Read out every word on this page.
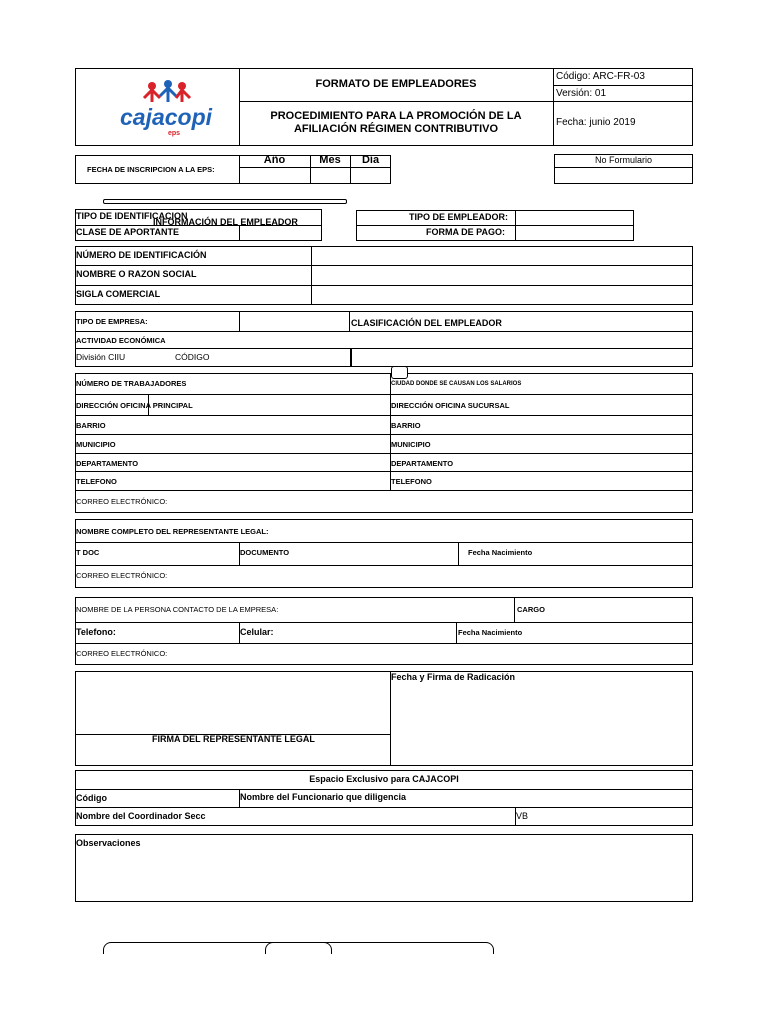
cajacopi
eps
FORMATO DE EMPLEADORES
PROCEDIMIENTO PARA LA PROMOCIÓN DE LA
AFILIACIÓN RÉGIMEN CONTRIBUTIVO
Código: ARC-FR-03
Versión: 01
Fecha: junio 2019
FECHA DE INSCRIPCION A LA EPS:
Año	Mes	Día	No Formulario
TIPO DE IDENTIFICACION
INFORMACIÓN DEL EMPLEADOR
CLASE DE APORTANTE
TIPO DE EMPLEADOR:
FORMA DE PAGO:
NÚMERO DE IDENTIFICACIÓN
NOMBRE O RAZON SOCIAL
SIGLA COMERCIAL
TIPO DE EMPRESA:	CLASIFICACIÓN DEL EMPLEADOR
ACTIVIDAD ECONÓMICA
División CIIU	CÓDIGO
NÚMERO DE TRABAJADORES	CIUDAD DONDE SE CAUSAN LOS SALARIOS
DIRECCIÓN OFICINA PRINCIPAL	DIRECCIÓN OFICINA SUCURSAL
BARRIO	BARRIO
MUNICIPIO	MUNICIPIO
DEPARTAMENTO	DEPARTAMENTO
TELEFONO	TELEFONO
CORREO ELECTRÓNICO:
NOMBRE COMPLETO DEL REPRESENTANTE LEGAL:
T DOC	DOCUMENTO	Fecha Nacimiento
CORREO ELECTRÓNICO:
NOMBRE DE LA PERSONA CONTACTO DE LA EMPRESA:	CARGO
Telefono:	Celular:	Fecha Nacimiento
CORREO ELECTRÓNICO:
FIRMA DEL REPRESENTANTE LEGAL
Fecha y Firma de Radicación
Espacio Exclusivo para CAJACOPI
Código	Nombre del Funcionario que diligencia
Nombre del Coordinador Secc	VB
Observaciones
